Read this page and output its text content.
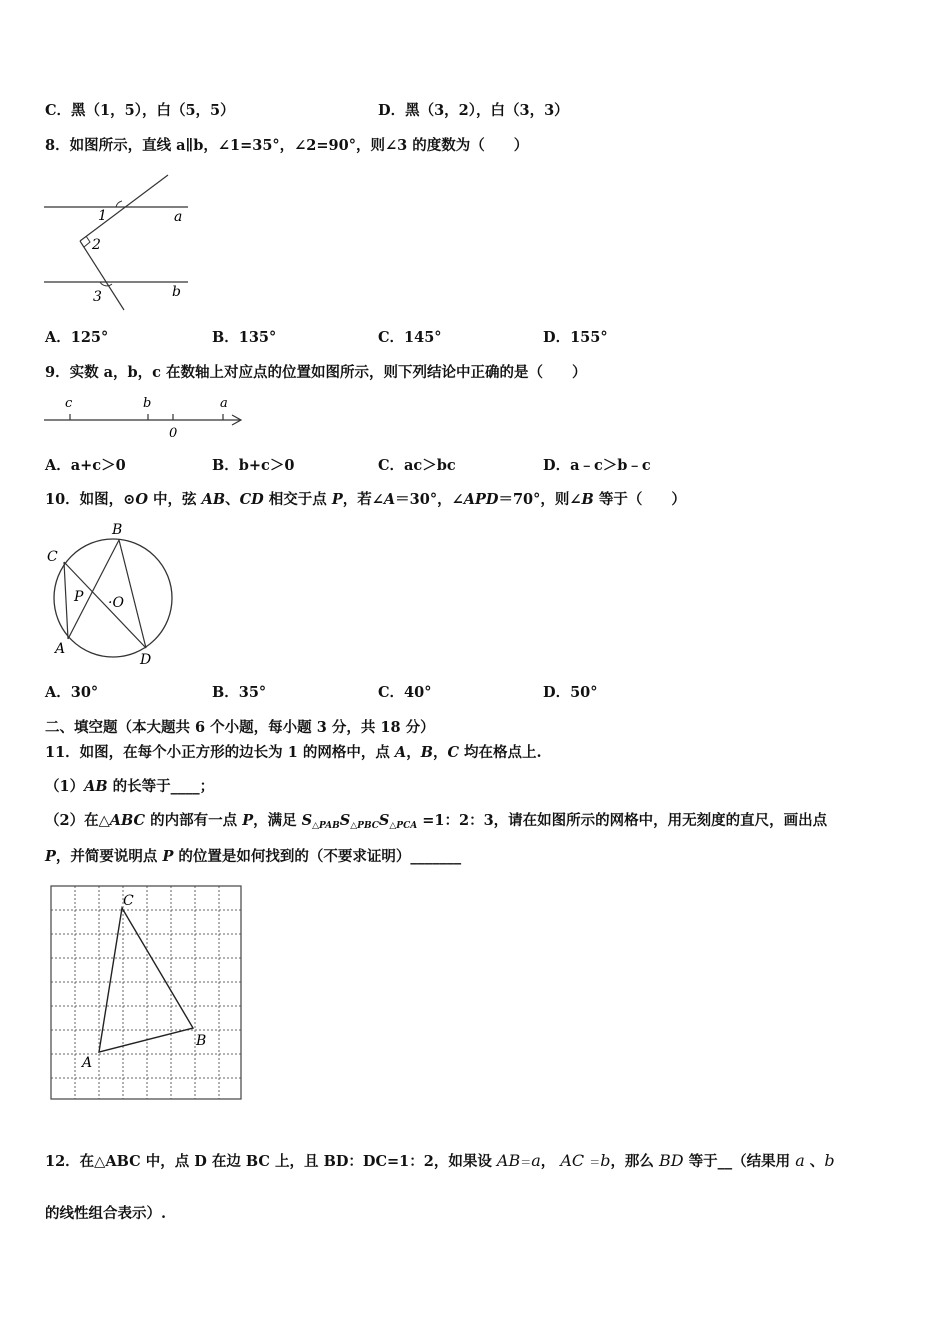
C．黑（1，5），白（5，5）	D．黑（3，2），白（3，3）
8．如图所示，直线 a∥b，∠1=35°，∠2=90°，则∠3 的度数为（　　）
1
2
3
a
b
A．125°	B．135°	C．145°	D．155°
9．实数 a，b，c 在数轴上对应点的位置如图所示，则下列结论中正确的是（　　）
c	b
0
a
A．a+c＞0	B．b+c＞0	C．ac＞bc	D．a﹣c＞b﹣c
10．如图，⊙O 中，弦 AB、CD 相交于点 P，若∠A＝30°，∠APD＝70°，则∠B 等于（　　）
C
B
P ·O
A
D
A．30°	B．35°	C．40°	D．50°
二、填空题（本大题共 6 个小题，每小题 3 分，共 18 分）
11．如图，在每个小正方形的边长为 1 的网格中，点 A，B，C 均在格点上.
（1）AB 的长等于____；
（2）在△ABC 的内部有一点 P，满足 $S_{\triangle PAB}S_{\triangle PBC}S_{\triangle PCA} =1$：2：3，请在如图所示的网格中，用无刻度的直尺，画出点
P，并简要说明点 P 的位置是如何找到的（不要求证明）_______
C
B
A
12．在△ABC 中，点 D 在边 BC 上，且 BD：DC=1：2，如果设 AB＝a， AC ＝b，那么 BD 等于__（结果用 a 、b
的线性组合表示）.
